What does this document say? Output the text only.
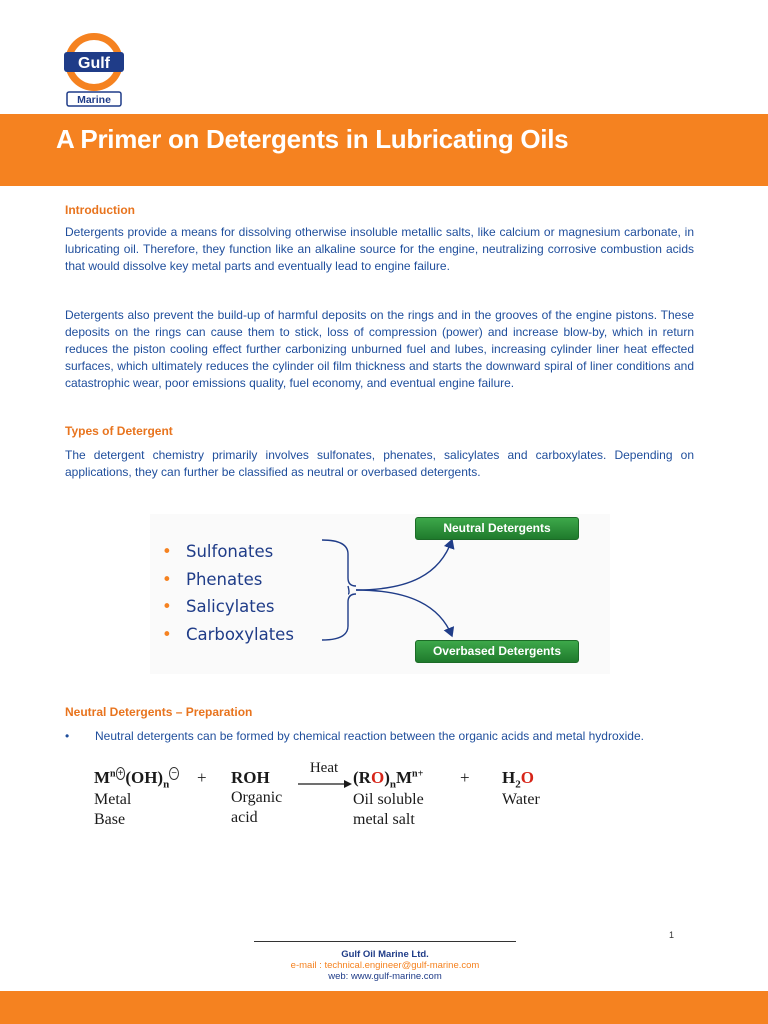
Gulf
Marine
A Primer on Detergents in Lubricating Oils
Introduction

Detergents provide a means for dissolving otherwise insoluble metallic salts, like calcium or magnesium carbonate, in lubricating oil. Therefore, they function like an alkaline source for the engine, neutralizing corrosive combustion acids that would dissolve key metal parts and eventually lead to engine failure.

Detergents also prevent the build-up of harmful deposits on the rings and in the grooves of the engine pistons. These deposits on the rings can cause them to stick, loss of compression (power) and increase blow-by, which in return reduces the piston cooling effect further carbonizing unburned fuel and lubes, increasing cylinder liner heat effected surfaces, which ultimately reduces the cylinder oil film thickness and starts the downward spiral of liner conditions and catastrophic wear, poor emissions quality, fuel economy, and eventual engine failure.

Types of Detergent

The detergent chemistry primarily involves sulfonates, phenates, salicylates and carboxylates. Depending on applications, they can further be classified as neutral or overbased detergents.

• Sulfonates
• Phenates
• Salicylates
• Carboxylates
Neutral Detergents
Overbased Detergents
Neutral Detergents – Preparation
• Neutral detergents can be formed by chemical reaction between the organic acids and metal hydroxide.
$M^{n +}$ $(OH)_n^-$
Metal
Base
+ ROH
Organic
acid
Heat → $(RO)_nM^{n+}$
Oil soluble
metal salt
+ $H_2O$
Water
1
Gulf Oil Marine Ltd.
e-mail : technical.engineer@gulf-marine.com
web: www.gulf-marine.com
